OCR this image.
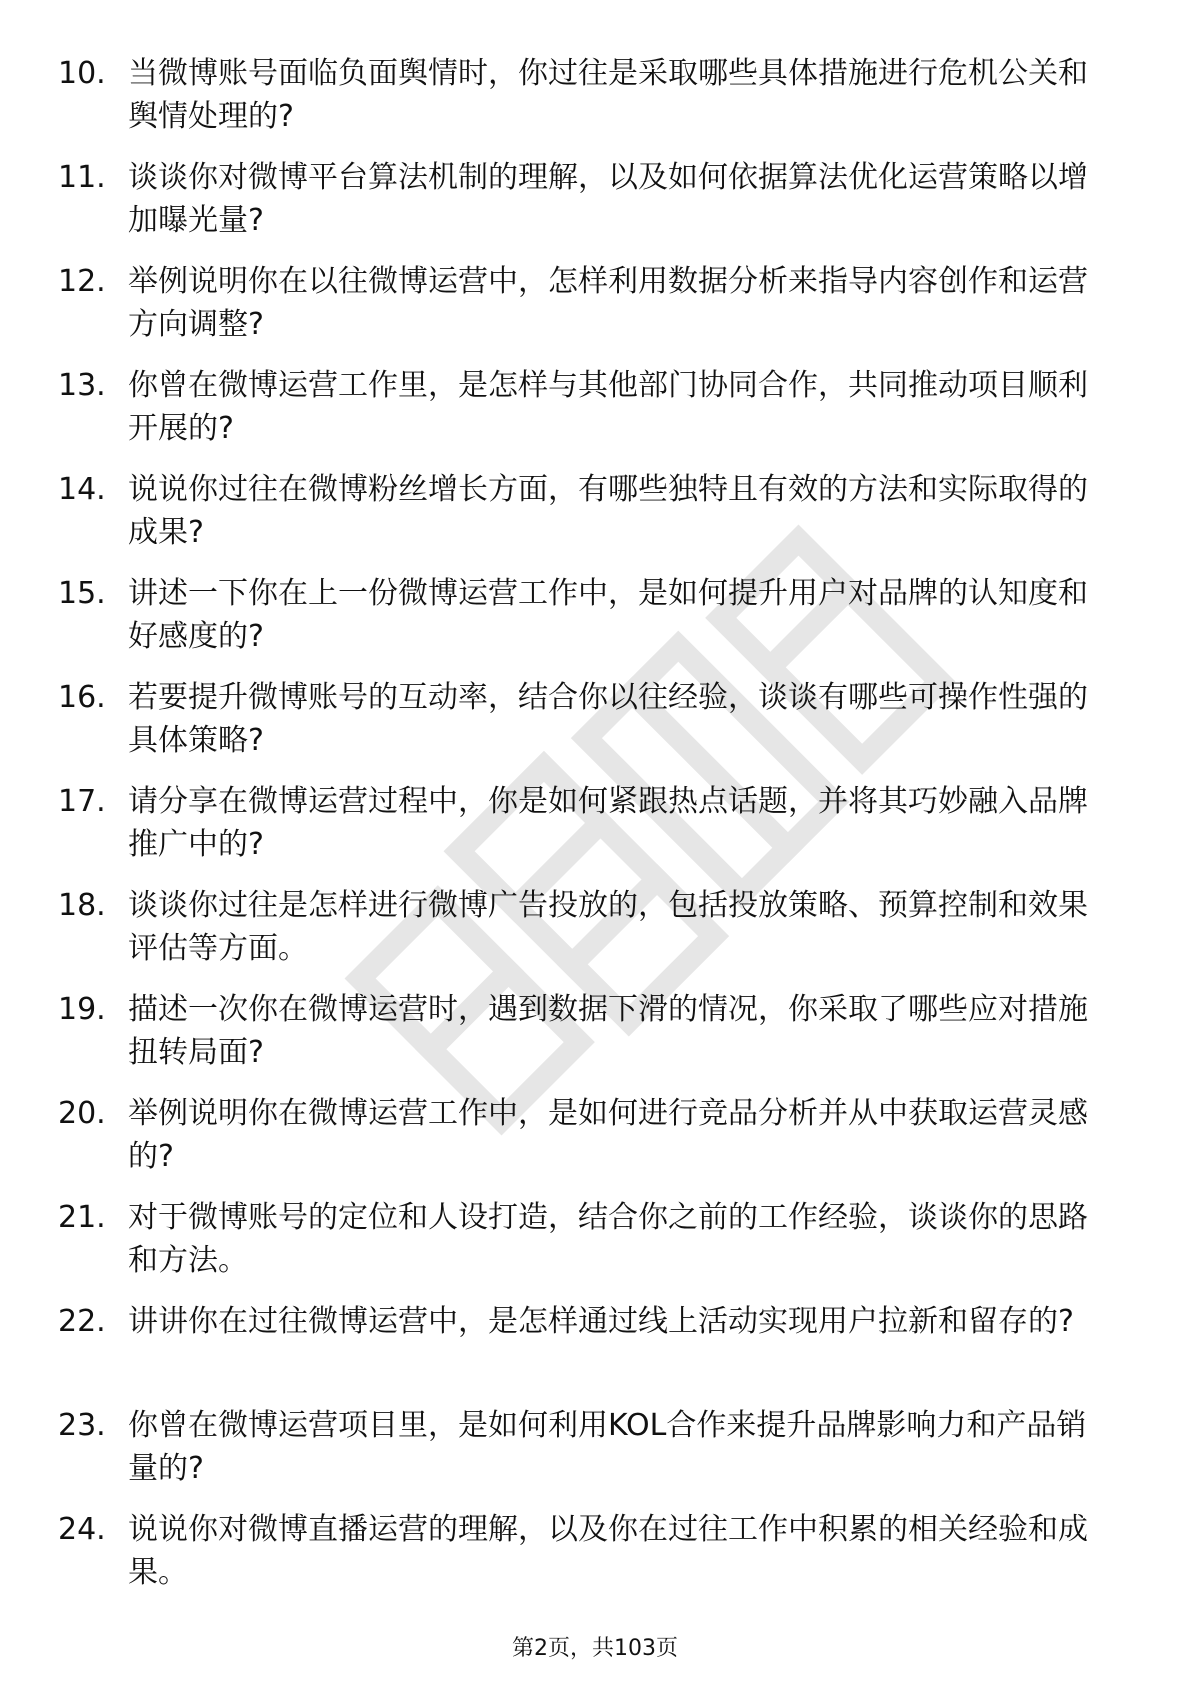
10. 当微博账号面临负面舆情时，你过往是采取哪些具体措施进行危机公关和舆情处理的?
11. 谈谈你对微博平台算法机制的理解，以及如何依据算法优化运营策略以增加曝光量?
12. 举例说明你在以往微博运营中，怎样利用数据分析来指导内容创作和运营方向调整?
13. 你曾在微博运营工作里，是怎样与其他部门协同合作，共同推动项目顺利开展的?
14. 说说你过往在微博粉丝增长方面，有哪些独特且有效的方法和实际取得的成果?
15. 讲述一下你在上一份微博运营工作中，是如何提升用户对品牌的认知度和好感度的?
16. 若要提升微博账号的互动率，结合你以往经验，谈谈有哪些可操作性强的具体策略?
17. 请分享在微博运营过程中，你是如何紧跟热点话题，并将其巧妙融入品牌推广中的?
18. 谈谈你过往是怎样进行微博广告投放的，包括投放策略、预算控制和效果评估等方面。
19. 描述一次你在微博运营时，遇到数据下滑的情况，你采取了哪些应对措施扭转局面?
20. 举例说明你在微博运营工作中，是如何进行竞品分析并从中获取运营灵感的?
21. 对于微博账号的定位和人设打造，结合你之前的工作经验，谈谈你的思路和方法。
22. 讲讲你在过往微博运营中，是怎样通过线上活动实现用户拉新和留存的?
23. 你曾在微博运营项目里，是如何利用KOL合作来提升品牌影响力和产品销量的?
24. 说说你对微博直播运营的理解，以及你在过往工作中积累的相关经验和成果。
第2页，共103页
